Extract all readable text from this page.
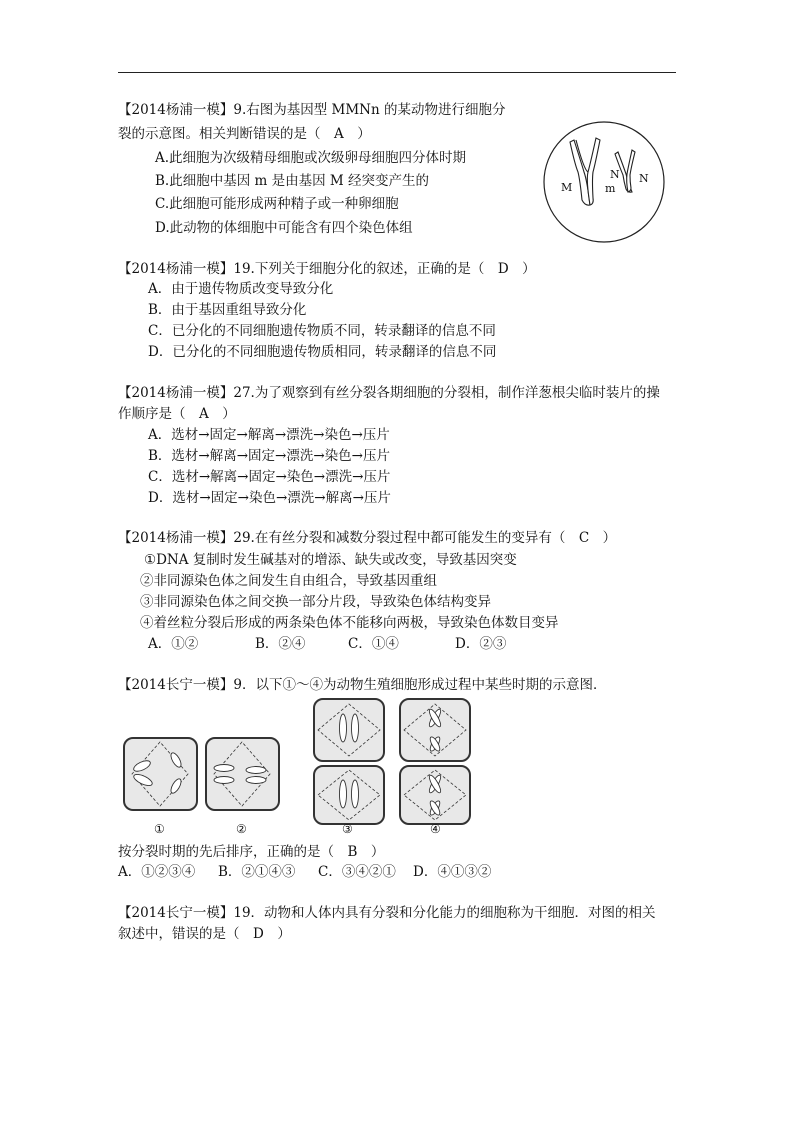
【2014杨浦一模】9.右图为基因型 MMNn 的某动物进行细胞分
裂的示意图。相关判断错误的是（　A　）
A.此细胞为次级精母细胞或次级卵母细胞四分体时期
B.此细胞中基因 m 是由基因 M 经突变产生的
C.此细胞可能形成两种精子或一种卵细胞
D.此动物的体细胞中可能含有四个染色体组
M	m
N N
【2014杨浦一模】19.下列关于细胞分化的叙述，正确的是（　D　）
A．由于遗传物质改变导致分化
B．由于基因重组导致分化
C．已分化的不同细胞遗传物质不同，转录翻译的信息不同
D．已分化的不同细胞遗传物质相同，转录翻译的信息不同
【2014杨浦一模】27.为了观察到有丝分裂各期细胞的分裂相，制作洋葱根尖临时装片的操
作顺序是（　A　）
A．选材→固定→解离→漂洗→染色→压片
B．选材→解离→固定→漂洗→染色→压片
C．选材→解离→固定→染色→漂洗→压片
D．选材→固定→染色→漂洗→解离→压片
【2014杨浦一模】29.在有丝分裂和减数分裂过程中都可能发生的变异有（　C　）
①DNA 复制时发生碱基对的增添、缺失或改变，导致基因突变
②非同源染色体之间发生自由组合，导致基因重组
③非同源染色体之间交换一部分片段，导致染色体结构变异
④着丝粒分裂后形成的两条染色体不能移向两极，导致染色体数目变异
A．①②	B．②④	C．①④	D．②③
【2014长宁一模】9．以下①～④为动物生殖细胞形成过程中某些时期的示意图．
①	②	③	④
按分裂时期的先后排序，正确的是（　B　）
A．①②③④ B．②①④③ C．③④②① D．④①③②
【2014长宁一模】19．动物和人体内具有分裂和分化能力的细胞称为干细胞．对图的相关
叙述中，错误的是（　D　）
